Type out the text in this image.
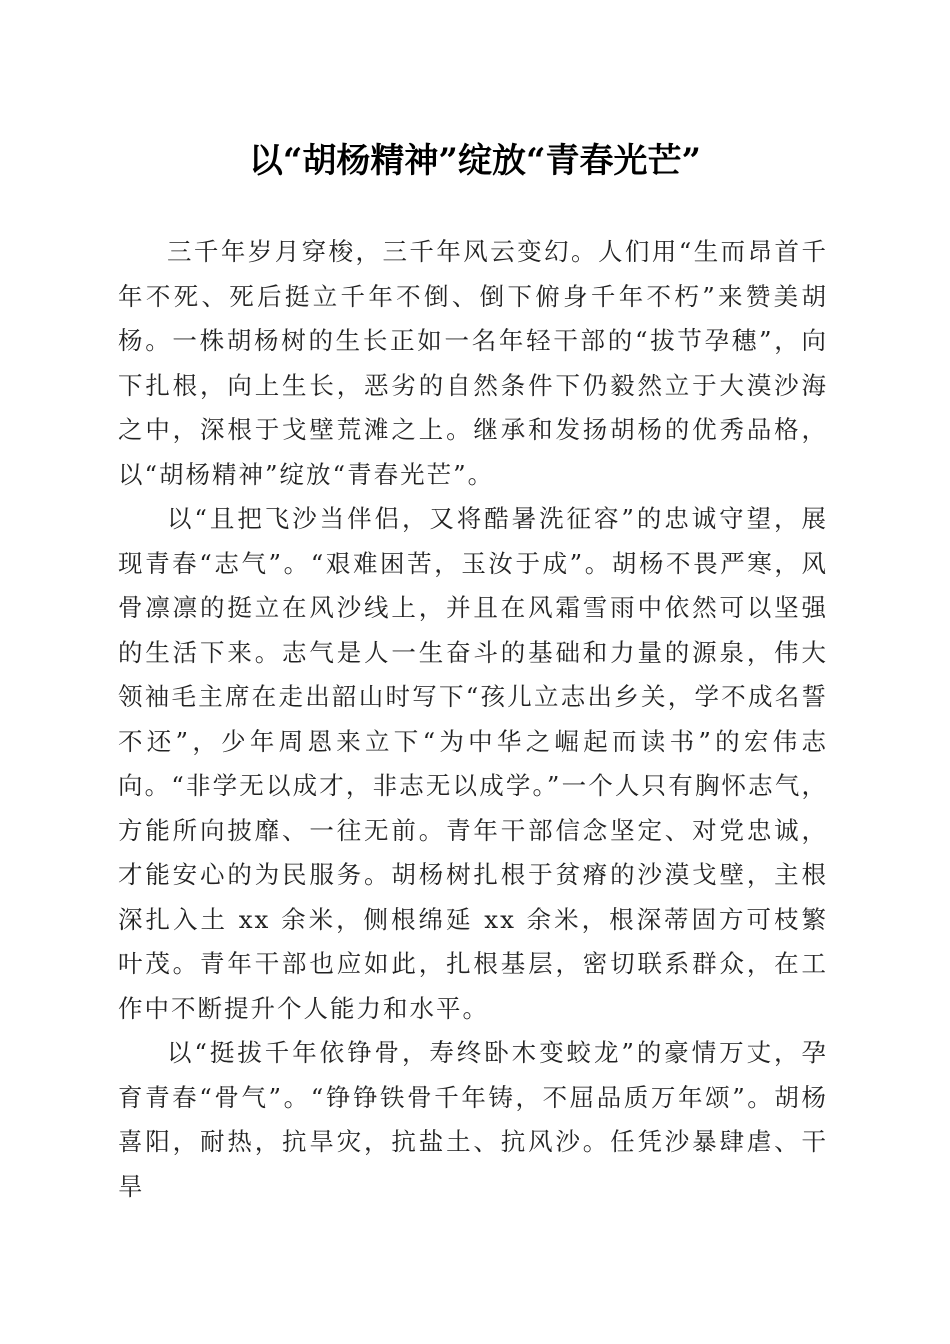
以“胡杨精神”绽放“青春光芒”

三千年岁月穿梭，三千年风云变幻。人们用“生而昂首千年不死、死后挺立千年不倒、倒下俯身千年不朽”来赞美胡杨。一株胡杨树的生长正如一名年轻干部的“拔节孕穗”，向下扎根，向上生长，恶劣的自然条件下仍毅然立于大漠沙海之中，深根于戈壁荒滩之上。继承和发扬胡杨的优秀品格，以“胡杨精神”绽放“青春光芒”。

以“且把飞沙当伴侣，又将酷暑洗征容”的忠诚守望，展现青春“志气”。“艰难困苦，玉汝于成”。胡杨不畏严寒，风骨凛凛的挺立在风沙线上，并且在风霜雪雨中依然可以坚强的生活下来。志气是人一生奋斗的基础和力量的源泉，伟大领袖毛主席在走出韶山时写下“孩儿立志出乡关，学不成名誓不还”，少年周恩来立下“为中华之崛起而读书”的宏伟志向。“非学无以成才，非志无以成学。”一个人只有胸怀志气，方能所向披靡、一往无前。青年干部信念坚定、对党忠诚，才能安心的为民服务。胡杨树扎根于贫瘠的沙漠戈壁，主根深扎入土 xx 余米，侧根绵延 xx 余米，根深蒂固方可枝繁叶茂。青年干部也应如此，扎根基层，密切联系群众，在工作中不断提升个人能力和水平。

以“挺拔千年依铮骨，寿终卧木变蛟龙”的豪情万丈，孕育青春“骨气”。“铮铮铁骨千年铸，不屈品质万年颂”。胡杨喜阳，耐热，抗旱灾，抗盐土、抗风沙。任凭沙暴肆虐、干旱
